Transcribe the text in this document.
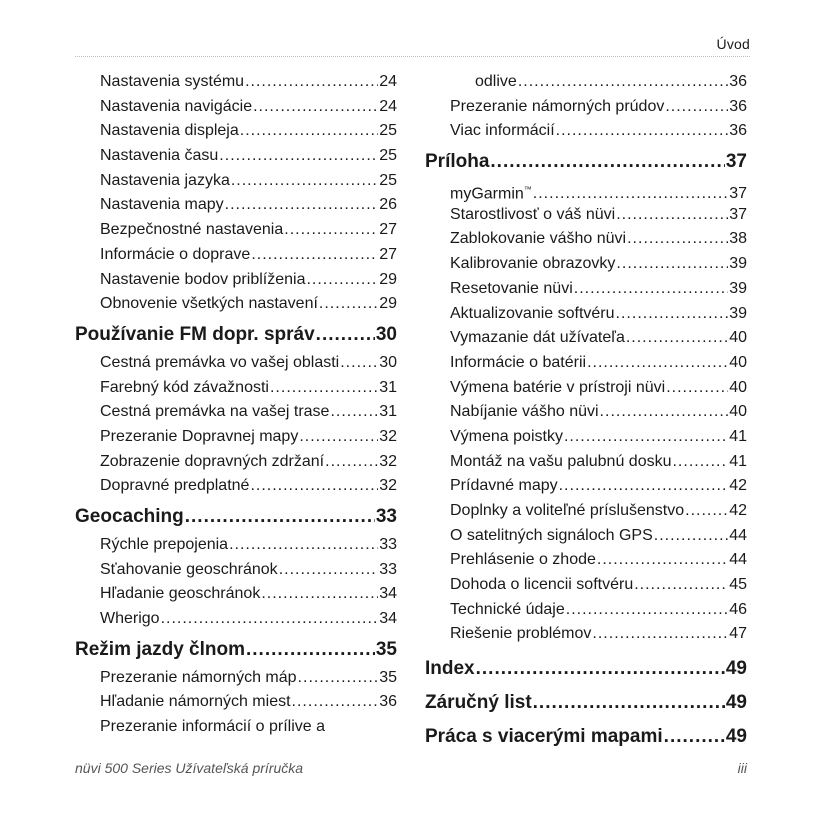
Úvod
Nastavenia systému .....	24
Nastavenia navigácie .....	24
Nastavenia displeja .....	25
Nastavenia času .....	25
Nastavenia jazyka .....	25
Nastavenia mapy .....	26
Bezpečnostné nastavenia .....	27
Informácie o doprave .....	27
Nastavenie bodov priblíženia .....	29
Obnovenie všetkých nastavení .....	29
Používanie FM dopr. správ .....	30
Cestná premávka vo vašej oblasti ..... 30
Farebný kód závažnosti .....	31
Cestná premávka na vašej trase .....	31
Prezeranie Dopravnej mapy .....	32
Zobrazenie dopravných zdržaní .....	32
Dopravné predplatné .....	32
Geocaching .....	33
Rýchle prepojenia .....	33
Sťahovanie geoschránok .....	33
Hľadanie geoschránok .....	34
Wherigo .....	34
Režim jazdy člnom .....	35
Prezeranie námorných máp .....	35
Hľadanie námorných miest .....	36
Prezeranie informácií o prílive a
odlive .....	36
Prezeranie námorných prúdov .....	36
Viac informácií .....	36
Príloha .....	37
myGarmin™ .....	37
Starostlivosť o váš nüvi .....	37
Zablokovanie vášho nüvi .....	38
Kalibrovanie obrazovky .....	39
Resetovanie nüvi .....	39
Aktualizovanie softvéru .....	39
Vymazanie dát užívateľa .....	40
Informácie o batérii .....	40
Výmena batérie v prístroji nüvi .....	40
Nabíjanie vášho nüvi .....	40
Výmena poistky .....	41
Montáž na vašu palubnú dosku .....	41
Prídavné mapy .....	42
Doplnky a voliteľné príslušenstvo .....	42
O satelitných signáloch GPS .....	44
Prehlásenie o zhode .....	44
Dohoda o licencii softvéru .....	45
Technické údaje .....	46
Riešenie problémov .....	47
Index .....	49
Záručný list .....	49
Práca s viacerými mapami .....	49
nüvi 500 Series Užívateľská príručka	iii
